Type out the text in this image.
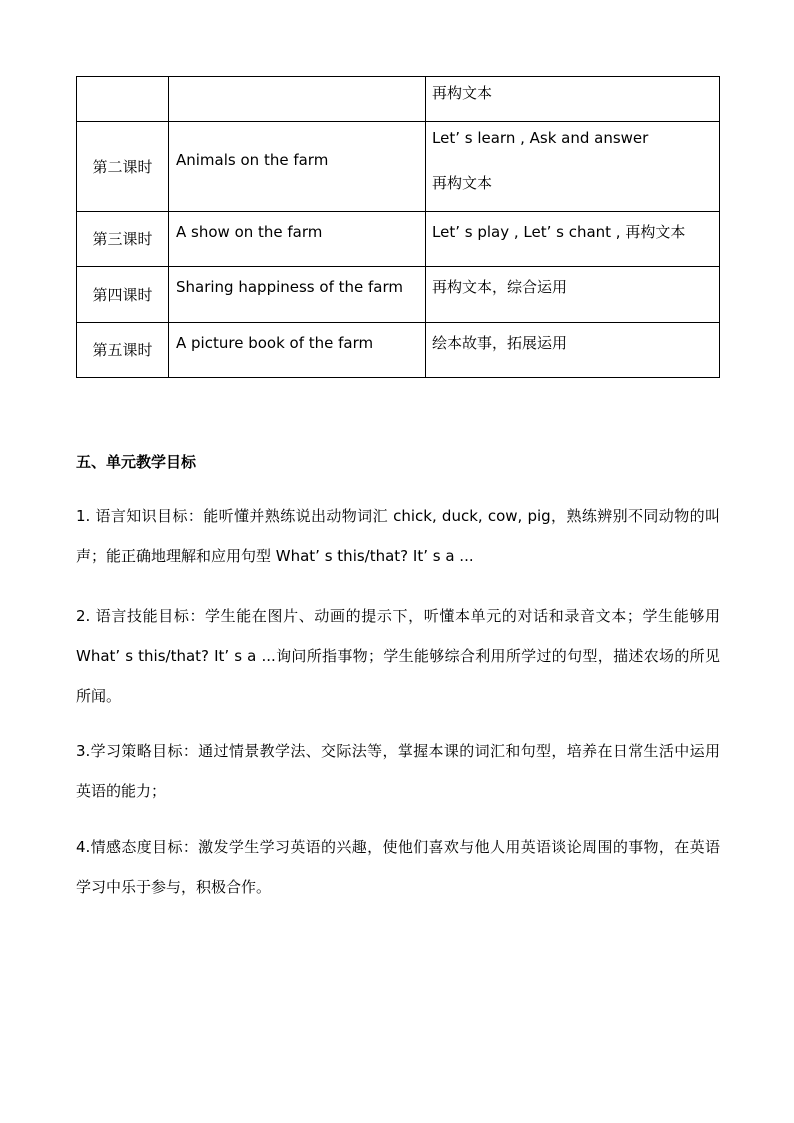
		再构文本

第二课时	Animals on the farm	Let’ s learn , Ask and answer
再构文本

第三课时	A show on the farm	Let’ s play , Let’ s chant , 再构文本

第四课时	Sharing happiness of the farm	再构文本，综合运用

第五课时	A picture book of the farm	绘本故事，拓展运用
五、单元教学目标
1. 语言知识目标：能听懂并熟练说出动物词汇 chick, duck, cow, pig，熟练辨别不同动物的叫声；能正确地理解和应用句型 What’ s this/that? It’ s a ...
2. 语言技能目标：学生能在图片、动画的提示下，听懂本单元的对话和录音文本；学生能够用 What’ s this/that? It’ s a ...询问所指事物；学生能够综合利用所学过的句型，描述农场的所见所闻。
3.学习策略目标：通过情景教学法、交际法等，掌握本课的词汇和句型，培养在日常生活中运用英语的能力；
4.情感态度目标：激发学生学习英语的兴趣，使他们喜欢与他人用英语谈论周围的事物，在英语学习中乐于参与，积极合作。
